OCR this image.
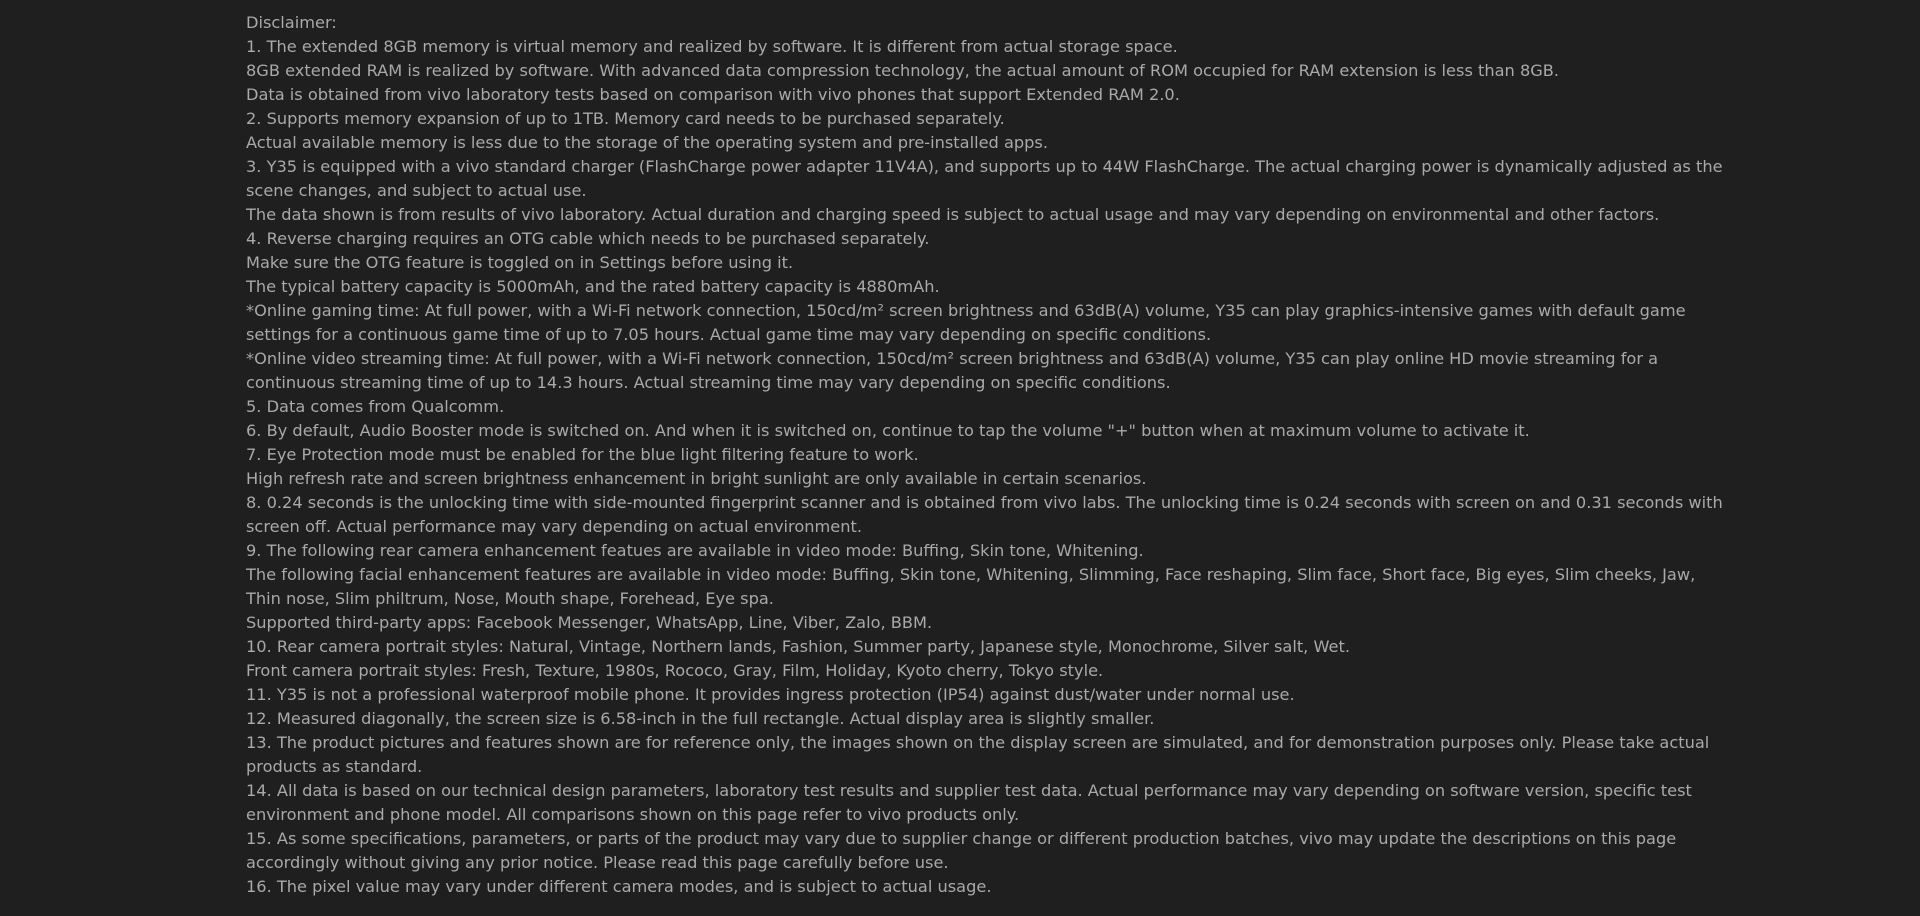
Disclaimer:

1. The extended 8GB memory is virtual memory and realized by software. It is different from actual storage space.

8GB extended RAM is realized by software. With advanced data compression technology, the actual amount of ROM occupied for RAM extension is less than 8GB.

Data is obtained from vivo laboratory tests based on comparison with vivo phones that support Extended RAM 2.0.

2. Supports memory expansion of up to 1TB. Memory card needs to be purchased separately.

Actual available memory is less due to the storage of the operating system and pre-installed apps.

3. Y35 is equipped with a vivo standard charger (FlashCharge power adapter 11V4A), and supports up to 44W FlashCharge. The actual charging power is dynamically adjusted as the scene changes, and subject to actual use.

The data shown is from results of vivo laboratory. Actual duration and charging speed is subject to actual usage and may vary depending on environmental and other factors.

4. Reverse charging requires an OTG cable which needs to be purchased separately.

Make sure the OTG feature is toggled on in Settings before using it.

The typical battery capacity is 5000mAh, and the rated battery capacity is 4880mAh.

*Online gaming time: At full power, with a Wi-Fi network connection, 150cd/m² screen brightness and 63dB(A) volume, Y35 can play graphics-intensive games with default game settings for a continuous game time of up to 7.05 hours. Actual game time may vary depending on specific conditions.

*Online video streaming time: At full power, with a Wi-Fi network connection, 150cd/m² screen brightness and 63dB(A) volume, Y35 can play online HD movie streaming for a continuous streaming time of up to 14.3 hours. Actual streaming time may vary depending on specific conditions.

5. Data comes from Qualcomm.

6. By default, Audio Booster mode is switched on. And when it is switched on, continue to tap the volume "+" button when at maximum volume to activate it.

7. Eye Protection mode must be enabled for the blue light filtering feature to work.

High refresh rate and screen brightness enhancement in bright sunlight are only available in certain scenarios.

8. 0.24 seconds is the unlocking time with side-mounted fingerprint scanner and is obtained from vivo labs. The unlocking time is 0.24 seconds with screen on and 0.31 seconds with screen off. Actual performance may vary depending on actual environment.

9. The following rear camera enhancement featues are available in video mode: Buffing, Skin tone, Whitening.

The following facial enhancement features are available in video mode: Buffing, Skin tone, Whitening, Slimming, Face reshaping, Slim face, Short face, Big eyes, Slim cheeks, Jaw, Thin nose, Slim philtrum, Nose, Mouth shape, Forehead, Eye spa.

Supported third-party apps: Facebook Messenger, WhatsApp, Line, Viber, Zalo, BBM.

10. Rear camera portrait styles: Natural, Vintage, Northern lands, Fashion, Summer party, Japanese style, Monochrome, Silver salt, Wet.

Front camera portrait styles: Fresh, Texture, 1980s, Rococo, Gray, Film, Holiday, Kyoto cherry, Tokyo style.

11. Y35 is not a professional waterproof mobile phone. It provides ingress protection (IP54) against dust/water under normal use.

12. Measured diagonally, the screen size is 6.58-inch in the full rectangle. Actual display area is slightly smaller.

13. The product pictures and features shown are for reference only, the images shown on the display screen are simulated, and for demonstration purposes only. Please take actual products as standard.

14. All data is based on our technical design parameters, laboratory test results and supplier test data. Actual performance may vary depending on software version, specific test environment and phone model. All comparisons shown on this page refer to vivo products only.

15. As some specifications, parameters, or parts of the product may vary due to supplier change or different production batches, vivo may update the descriptions on this page accordingly without giving any prior notice. Please read this page carefully before use.

16. The pixel value may vary under different camera modes, and is subject to actual usage.
